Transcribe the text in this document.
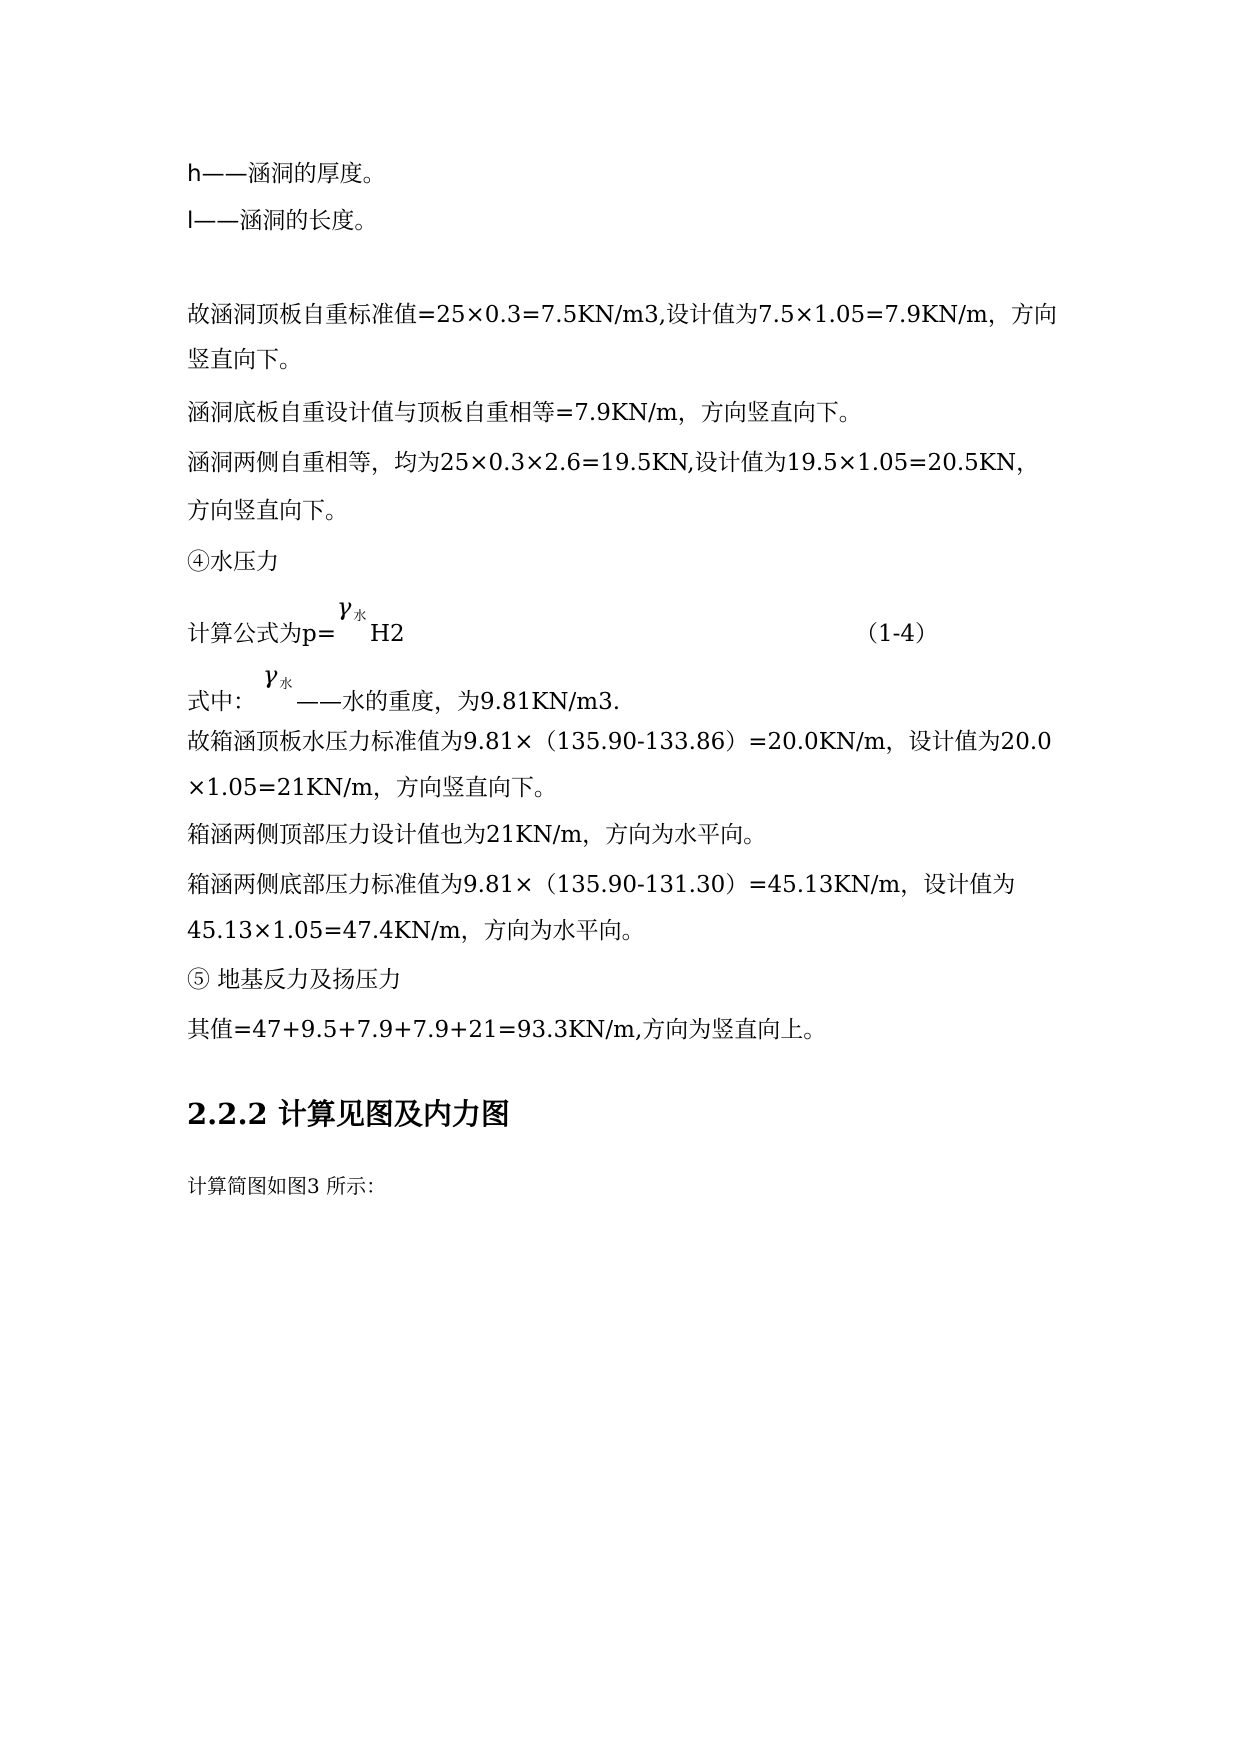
h——涵洞的厚度。
l——涵洞的长度。
故涵洞顶板自重标准值=25×0.3=7.5KN/m3,设计值为7.5×1.05=7.9KN/m，方向
竖直向下。
涵洞底板自重设计值与顶板自重相等=7.9KN/m，方向竖直向下。
涵洞两侧自重相等，均为25×0.3×2.6=19.5KN,设计值为19.5×1.05=20.5KN，
方向竖直向下。
④水压力
计算公式为p=
γ $_水$
H2	（1-4）
式中：
γ $_水$
——水的重度，为9.81KN/m3.
故箱涵顶板水压力标准值为9.81×（135.90-133.86）=20.0KN/m，设计值为20.0
×1.05=21KN/m，方向竖直向下。
箱涵两侧顶部压力设计值也为21KN/m，方向为水平向。
箱涵两侧底部压力标准值为9.81×（135.90-131.30）=45.13KN/m，设计值为
45.13×1.05=47.4KN/m，方向为水平向。
⑤ 地基反力及扬压力
其值=47+9.5+7.9+7.9+21=93.3KN/m,方向为竖直向上。
2.2.2 计算见图及内力图
计算简图如图3 所示：
